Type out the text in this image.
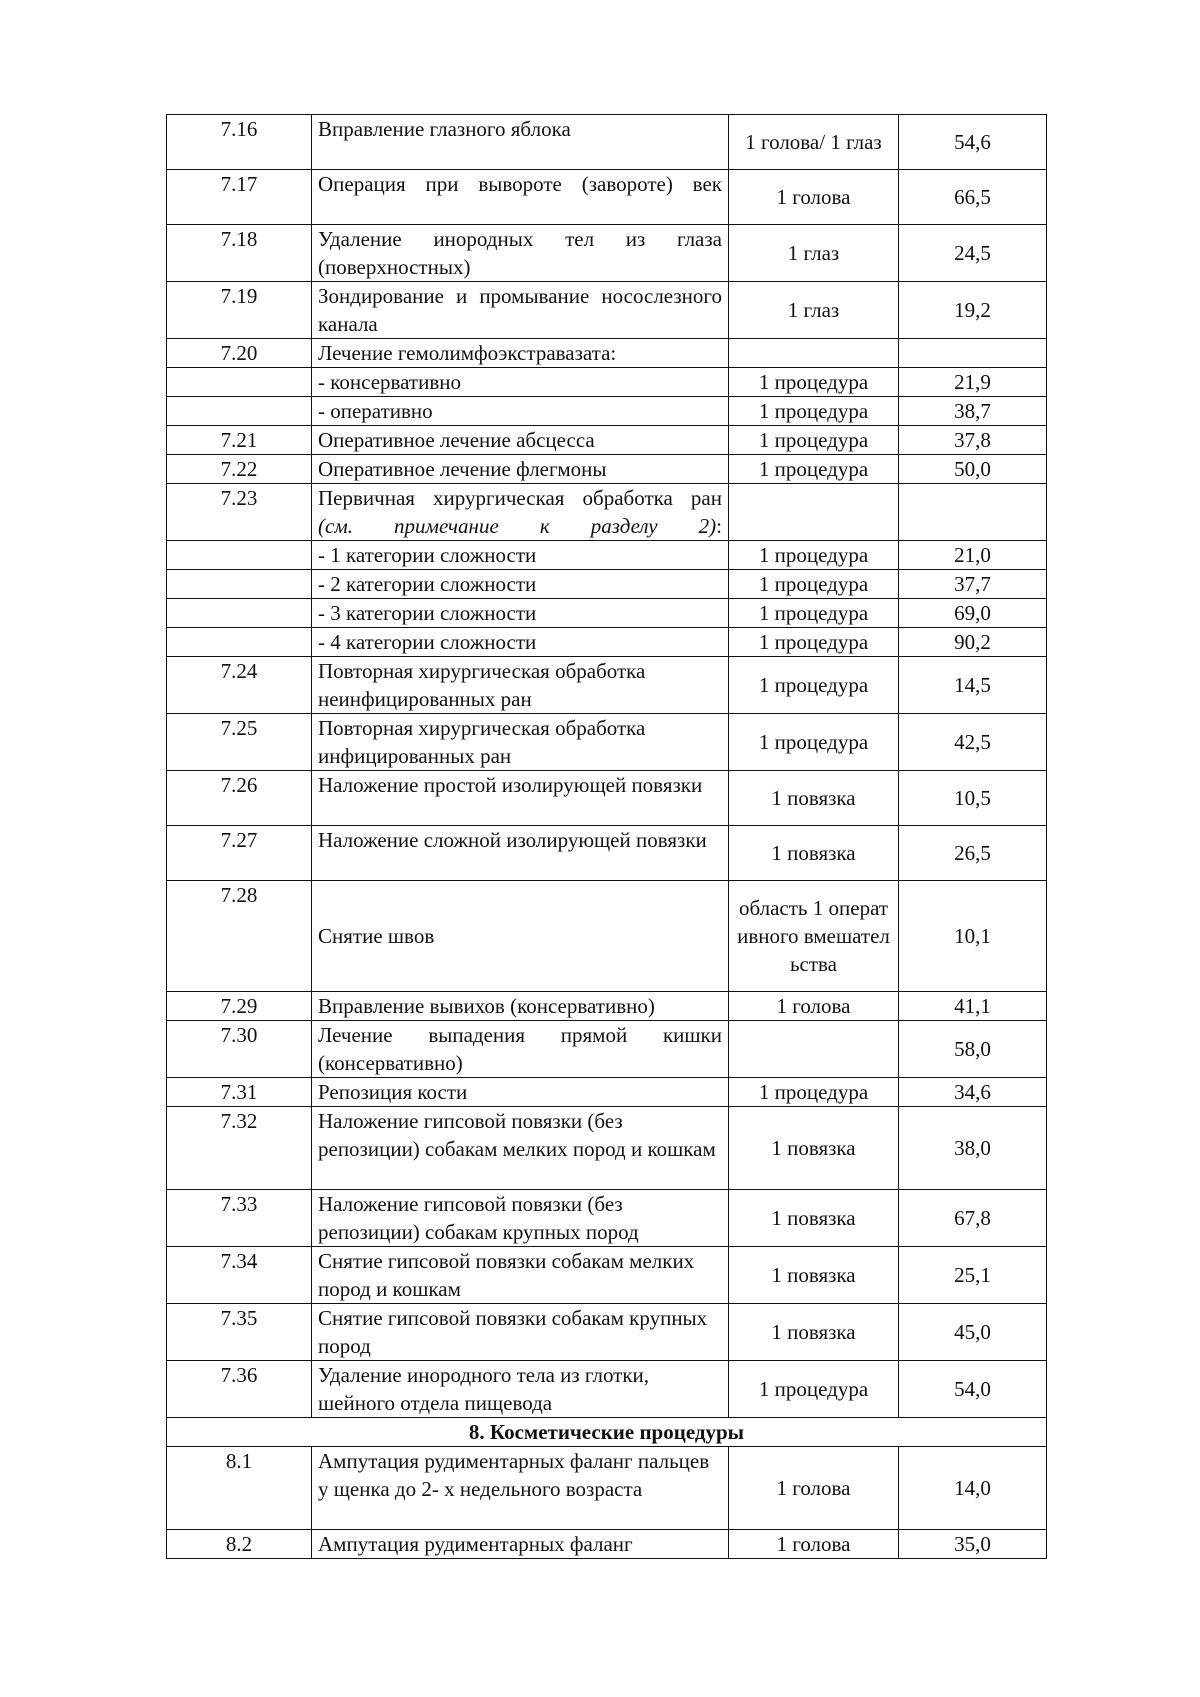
7.16	Вправление глазного яблока	1 голова/ 1 глаз	54,6
7.17	Операция при вывороте (завороте) век	1 голова	66,5
7.18	Удаление инородных тел из глаза (поверхностных)	1 глаз	24,5
7.19	Зондирование и промывание носослезного канала	1 глаз	19,2
7.20	Лечение гемолимфоэкстравазата:		
	- консервативно	1 процедура	21,9
	- оперативно	1 процедура	38,7
7.21	Оперативное лечение абсцесса	1 процедура	37,8
7.22	Оперативное лечение флегмоны	1 процедура	50,0
7.23	Первичная хирургическая обработка ран (см. примечание к разделу 2):		
	- 1 категории сложности	1 процедура	21,0
	- 2 категории сложности	1 процедура	37,7
	- 3 категории сложности	1 процедура	69,0
	- 4 категории сложности	1 процедура	90,2
7.24	Повторная хирургическая обработка неинфицированных ран	1 процедура	14,5
7.25	Повторная хирургическая обработка инфицированных ран	1 процедура	42,5
7.26	Наложение простой изолирующей повязки	1 повязка	10,5
7.27	Наложение сложной изолирующей повязки	1 повязка	26,5
7.28	Снятие швов	область 1 оперативного вмешательства	10,1
7.29	Вправление вывихов (консервативно)	1 голова	41,1
7.30	Лечение выпадения прямой кишки (консервативно)		58,0
7.31	Репозиция кости	1 процедура	34,6
7.32	Наложение гипсовой повязки (без репозиции) собакам мелких пород и кошкам	1 повязка	38,0
7.33	Наложение гипсовой повязки (без репозиции) собакам крупных пород	1 повязка	67,8
7.34	Снятие гипсовой повязки собакам мелких пород и кошкам	1 повязка	25,1
7.35	Снятие гипсовой повязки собакам крупных пород	1 повязка	45,0
7.36	Удаление инородного тела из глотки, шейного отдела пищевода	1 процедура	54,0
8. Косметические процедуры			
8.1	Ампутация рудиментарных фаланг пальцев у щенка до 2- х недельного возраста	1 голова	14,0
8.2	Ампутация рудиментарных фаланг	1 голова	35,0
